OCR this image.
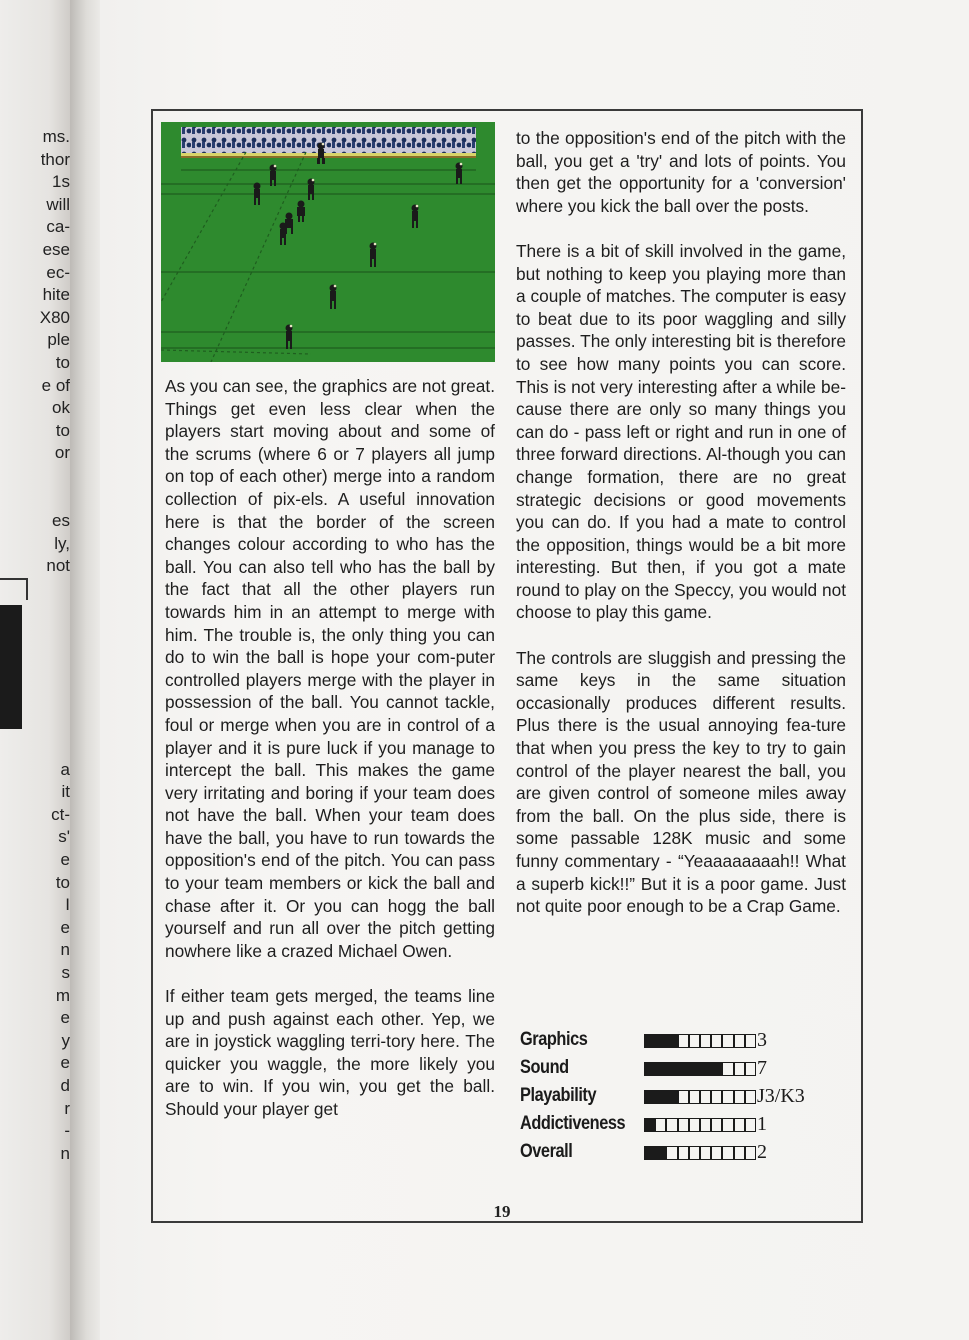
ms.
thor
1s
will
ca-
ese
ec-
hite
X80
ple
to
e of
ok
to
or
es
ly,
not
a
it
ct-
s'
e
to
I
e
n
s
m
e
y
e
d
r
-
n

As you can see, the graphics are not great. Things get even less clear when the players start moving about and some of the scrums (where 6 or 7 players all jump on top of each other) merge into a random collection of pix-els. A useful innovation here is that the border of the screen changes colour according to who has the ball. You can also tell who has the ball by the fact that all the other players run towards him in an attempt to merge with him. The trouble is, the only thing you can do to win the ball is hope your com-puter controlled players merge with the player in possession of the ball. You cannot tackle, foul or merge when you are in control of a player and it is pure luck if you manage to intercept the ball. This makes the game very irritating and boring if your team does not have the ball. When your team does have the ball, you have to run towards the opposition's end of the pitch. You can pass to your team members or kick the ball and chase after it. Or you can hogg the ball yourself and run all over the pitch getting nowhere like a crazed Michael Owen.

If either team gets merged, the teams line up and push against each other. Yep, we are in joystick waggling terri-tory here. The quicker you waggle, the more likely you are to win. If you win, you get the ball. Should your player get

to the opposition's end of the pitch with the ball, you get a 'try' and lots of points. You then get the opportunity for a 'conversion' where you kick the ball over the posts.

There is a bit of skill involved in the game, but nothing to keep you playing more than a couple of matches. The computer is easy to beat due to its poor waggling and silly passes. The only interesting bit is therefore to see how many points you can score. This is not very interesting after a while be-cause there are only so many things you can do - pass left or right and run in one of three forward directions. Al-though you can change formation, there are no great strategic decisions or good movements you can do. If you had a mate to control the opposition, things would be a bit more interesting. But then, if you got a mate round to play on the Speccy, you would not choose to play this game.

The controls are sluggish and pressing the same keys in the same situation occasionally produces different results. Plus there is the usual annoying fea-ture that when you press the key to try to gain control of the player nearest the ball, you are given control of someone miles away from the ball. On the plus side, there is some passable 128K music and some funny commentary - “Yeaaaaaaaah!! What a superb kick!!” But it is a poor game. Just not quite poor enough to be a Crap Game.

Graphics	3
Sound	7
Playability	J3/K3
Addictiveness	1
Overall	2
19
